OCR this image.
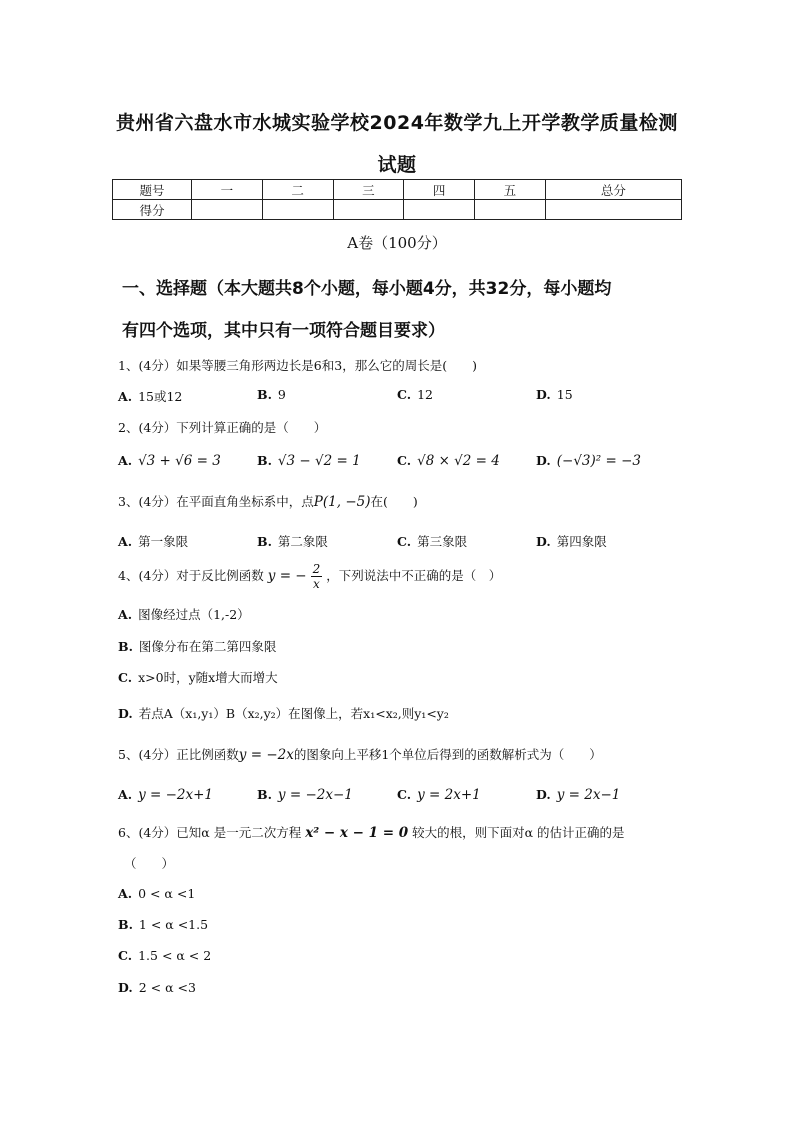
贵州省六盘水市水城实验学校2024年数学九上开学教学质量检测
试题
题号	一	二	三	四	五	总分
得分						
A卷（100分）
一、选择题（本大题共8个小题，每小题4分，共32分，每小题均
有四个选项，其中只有一项符合题目要求）
1、(4分）如果等腰三角形两边长是6和3，那么它的周长是(　　)
A. 15或12	B. 9	C. 12	D. 15
2、(4分）下列计算正确的是（　　）
A. √3 + √6 = 3	B. √3 − √2 = 1	C. √8 × √2 = 4	D. (−√3)² = −3
3、(4分）在平面直角坐标系中，点P(1, −5)在(　　)
A. 第一象限	B. 第二象限	C. 第三象限	D. 第四象限
4、(4分）对于反比例函数 y = − $\frac{2}{x}$ ，下列说法中不正确的是（　）
A. 图像经过点（1,-2）
B. 图像分布在第二第四象限
C. x>0时，y随x增大而增大
D. 若点A（x₁,y₁）B（x₂,y₂）在图像上，若x₁<x₂,则y₁<y₂
5、(4分）正比例函数y = −2x的图象向上平移1个单位后得到的函数解析式为（　　）
A. y = −2x+1	B. y = −2x−1	C. y = 2x+1	D. y = 2x−1
6、(4分）已知α 是一元二次方程 x² − x − 1 = 0 较大的根，则下面对α 的估计正确的是
（　　）
A. 0 < α <1
B. 1 < α <1.5
C. 1.5 < α < 2
D. 2 < α <3
